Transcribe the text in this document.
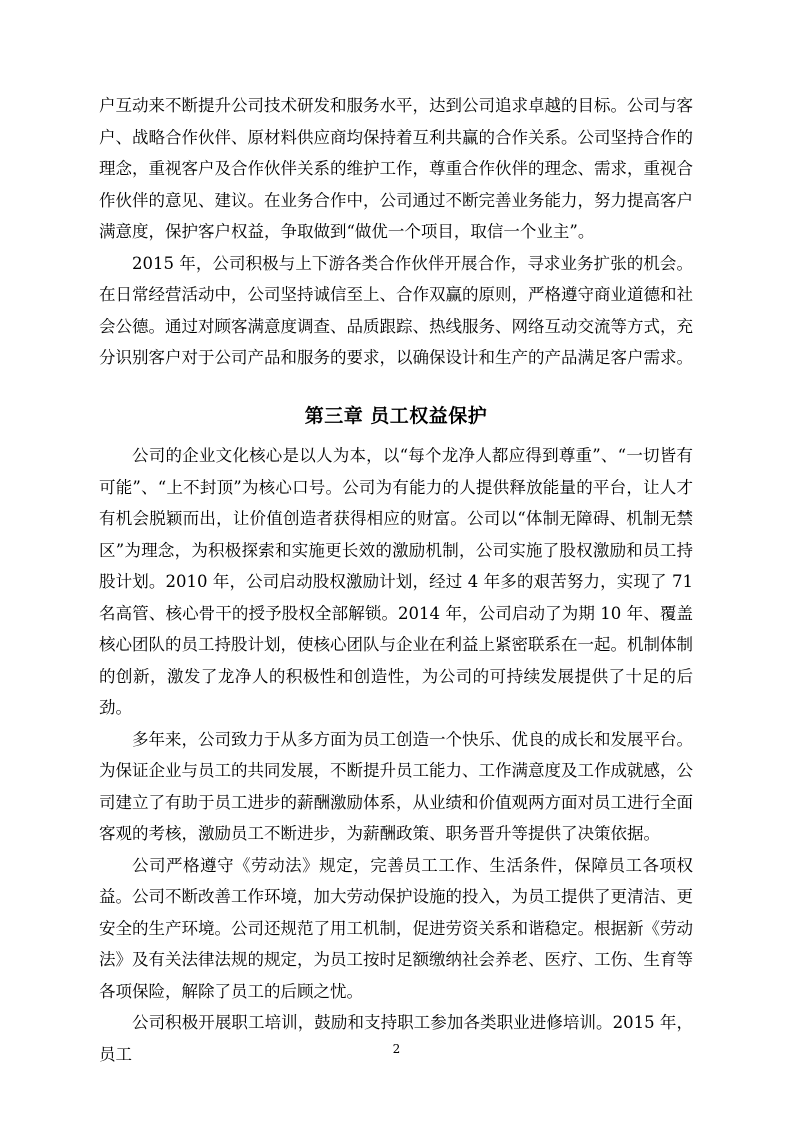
户互动来不断提升公司技术研发和服务水平，达到公司追求卓越的目标。公司与客户、战略合作伙伴、原材料供应商均保持着互利共赢的合作关系。公司坚持合作的理念，重视客户及合作伙伴关系的维护工作，尊重合作伙伴的理念、需求，重视合作伙伴的意见、建议。在业务合作中，公司通过不断完善业务能力，努力提高客户满意度，保护客户权益，争取做到“做优一个项目，取信一个业主”。

2015 年，公司积极与上下游各类合作伙伴开展合作，寻求业务扩张的机会。在日常经营活动中，公司坚持诚信至上、合作双赢的原则，严格遵守商业道德和社会公德。通过对顾客满意度调查、品质跟踪、热线服务、网络互动交流等方式，充分识别客户对于公司产品和服务的要求，以确保设计和生产的产品满足客户需求。

第三章 员工权益保护

公司的企业文化核心是以人为本，以“每个龙净人都应得到尊重”、“一切皆有可能”、“上不封顶”为核心口号。公司为有能力的人提供释放能量的平台，让人才有机会脱颖而出，让价值创造者获得相应的财富。公司以“体制无障碍、机制无禁区”为理念，为积极探索和实施更长效的激励机制，公司实施了股权激励和员工持股计划。2010 年，公司启动股权激励计划，经过 4 年多的艰苦努力，实现了 71 名高管、核心骨干的授予股权全部解锁。2014 年，公司启动了为期 10 年、覆盖核心团队的员工持股计划，使核心团队与企业在利益上紧密联系在一起。机制体制的创新，激发了龙净人的积极性和创造性，为公司的可持续发展提供了十足的后劲。

多年来，公司致力于从多方面为员工创造一个快乐、优良的成长和发展平台。为保证企业与员工的共同发展，不断提升员工能力、工作满意度及工作成就感，公司建立了有助于员工进步的薪酬激励体系，从业绩和价值观两方面对员工进行全面客观的考核，激励员工不断进步，为薪酬政策、职务晋升等提供了决策依据。

公司严格遵守《劳动法》规定，完善员工工作、生活条件，保障员工各项权益。公司不断改善工作环境，加大劳动保护设施的投入，为员工提供了更清洁、更安全的生产环境。公司还规范了用工机制，促进劳资关系和谐稳定。根据新《劳动法》及有关法律法规的规定，为员工按时足额缴纳社会养老、医疗、工伤、生育等各项保险，解除了员工的后顾之忧。

公司积极开展职工培训，鼓励和支持职工参加各类职业进修培训。2015 年，员工	2
